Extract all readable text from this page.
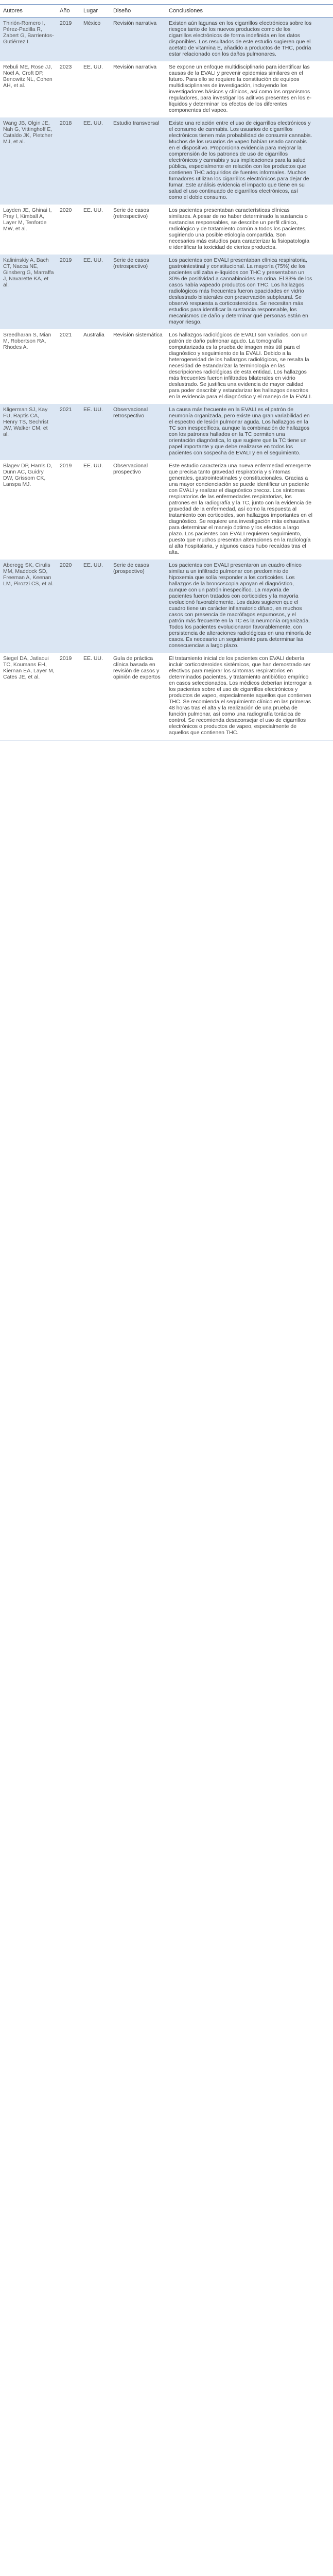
Autores	Año	Lugar	Diseño	Conclusiones
Thirión-Romero I, Pérez-Padilla R, Zabert G, Barrientos-Gutiérrez I.	2019	México	Revisión narrativa	Existen aún lagunas en los cigarrillos electrónicos sobre los riesgos tanto de los nuevos productos como de los cigarrillos electrónicos de forma indefinida en los datos disponibles. Los resultados de este estudio sugieren que el acetato de vitamina E, añadido a productos de THC, podría estar relacionado con los daños pulmonares.
Rebuli ME, Rose JJ, Noël A, Croft DP, Benowitz NL, Cohen AH, et al.	2023	EE. UU.	Revisión narrativa	Se expone un enfoque multidisciplinario para identificar las causas de la EVALI y prevenir epidemias similares en el futuro. Para ello se requiere la constitución de equipos multidisciplinares de investigación, incluyendo los investigadores básicos y clínicos, así como los organismos reguladores, para investigar los aditivos presentes en los e-líquidos y determinar los efectos de los diferentes componentes del vapeo.
Wang JB, Olgin JE, Nah G, Vittinghoff E, Cataldo JK, Pletcher MJ, et al.	2018	EE. UU.	Estudio transversal	Existe una relación entre el uso de cigarrillos electrónicos y el consumo de cannabis. Los usuarios de cigarrillos electrónicos tienen más probabilidad de consumir cannabis. Muchos de los usuarios de vapeo habían usado cannabis en el dispositivo. Proporciona evidencia para mejorar la comprensión de los patrones de uso de cigarrillos electrónicos y cannabis y sus implicaciones para la salud pública, especialmente en relación con los productos que contienen THC adquiridos de fuentes informales. Muchos fumadores utilizan los cigarrillos electrónicos para dejar de fumar. Este análisis evidencia el impacto que tiene en su salud el uso continuado de cigarrillos electrónicos, así como el doble consumo.
Layden JE, Ghinai I, Pray I, Kimball A, Layer M, Tenforde MW, et al.	2020	EE. UU.	Serie de casos (retrospectivo)	Los pacientes presentaban características clínicas similares. A pesar de no haber determinado la sustancia o sustancias responsables, se describe un perfil clínico, radiológico y de tratamiento común a todos los pacientes, sugiriendo una posible etiología compartida. Son necesarios más estudios para caracterizar la fisiopatología e identificar la toxicidad de ciertos productos.
Kalininskiy A, Bach CT, Nacca NE, Ginsberg G, Marraffa J, Navarette KA, et al.	2019	EE. UU.	Serie de casos (retrospectivo)	Los pacientes con EVALI presentaban clínica respiratoria, gastrointestinal y constitucional. La mayoría (75%) de los pacientes utilizaba e-líquidos con THC y presentaban un 30% de positividad a cannabinoides en orina. El 83% de los casos había vapeado productos con THC. Los hallazgos radiológicos más frecuentes fueron opacidades en vidrio deslustrado bilaterales con preservación subpleural. Se observó respuesta a corticosteroides. Se necesitan más estudios para identificar la sustancia responsable, los mecanismos de daño y determinar qué personas están en mayor riesgo.
Sreedharan S, Mian M, Robertson RA, Rhodes A.	2021	Australia	Revisión sistemática	Los hallazgos radiológicos de EVALI son variados, con un patrón de daño pulmonar agudo. La tomografía computarizada es la prueba de imagen más útil para el diagnóstico y seguimiento de la EVALI. Debido a la heterogeneidad de los hallazgos radiológicos, se resalta la necesidad de estandarizar la terminología en las descripciones radiológicas de esta entidad. Los hallazgos más frecuentes fueron infiltrados bilaterales en vidrio deslustrado. Se justifica una evidencia de mayor calidad para poder describir y estandarizar los hallazgos descritos en la evidencia para el diagnóstico y el manejo de la EVALI.
Kligerman SJ, Kay FU, Raptis CA, Henry TS, Sechrist JW, Walker CM, et al.	2021	EE. UU.	Observacional retrospectivo	La causa más frecuente en la EVALI es el patrón de neumonía organizada, pero existe una gran variabilidad en el espectro de lesión pulmonar aguda. Los hallazgos en la TC son inespecíficos, aunque la combinación de hallazgos con los patrones hallados en la TC permiten una orientación diagnóstica, lo que sugiere que la TC tiene un papel importante y que debe realizarse en todos los pacientes con sospecha de EVALI y en el seguimiento.
Blagev DP, Harris D, Dunn AC, Guidry DW, Grissom CK, Lanspa MJ.	2019	EE. UU.	Observacional prospectivo	Este estudio caracteriza una nueva enfermedad emergente que precisa tanto gravedad respiratoria y síntomas generales, gastrointestinales y constitucionales. Gracias a una mayor concienciación se puede identificar un paciente con EVALI y realizar el diagnóstico precoz. Los síntomas respiratorios de las enfermedades respiratorias, los patrones en la radiografía y la TC, junto con la evidencia de gravedad de la enfermedad, así como la respuesta al tratamiento con corticoides, son hallazgos importantes en el diagnóstico. Se requiere una investigación más exhaustiva para determinar el manejo óptimo y los efectos a largo plazo. Los pacientes con EVALI requieren seguimiento, puesto que muchos presentan alteraciones en la radiología al alta hospitalaria, y algunos casos hubo recaídas tras el alta.
Aberegg SK, Cirulis MM, Maddock SD, Freeman A, Keenan LM, Pirozzi CS, et al.	2020	EE. UU.	Serie de casos (prospectivo)	Los pacientes con EVALI presentaron un cuadro clínico similar a un infiltrado pulmonar con predominio de hipoxemia que solía responder a los corticoides. Los hallazgos de la broncoscopia apoyan el diagnóstico, aunque con un patrón inespecífico. La mayoría de pacientes fueron tratados con corticoides y la mayoría evolucionó favorablemente. Los datos sugieren que el cuadro tiene un carácter inflamatorio difuso, en muchos casos con presencia de macrófagos espumosos, y el patrón más frecuente en la TC es la neumonía organizada. Todos los pacientes evolucionaron favorablemente, con persistencia de alteraciones radiológicas en una minoría de casos. Es necesario un seguimiento para determinar las consecuencias a largo plazo.
Siegel DA, Jatlaoui TC, Koumans EH, Kiernan EA, Layer M, Cates JE, et al.	2019	EE. UU.	Guía de práctica clínica basada en revisión de casos y opinión de expertos	El tratamiento inicial de los pacientes con EVALI debería incluir corticosteroides sistémicos, que han demostrado ser efectivos para mejorar los síntomas respiratorios en determinados pacientes, y tratamiento antibiótico empírico en casos seleccionados. Los médicos deberían interrogar a los pacientes sobre el uso de cigarrillos electrónicos y productos de vapeo, especialmente aquellos que contienen THC. Se recomienda el seguimiento clínico en las primeras 48 horas tras el alta y la realización de una prueba de función pulmonar, así como una radiografía torácica de control. Se recomienda desaconsejar el uso de cigarrillos electrónicos o productos de vapeo, especialmente de aquellos que contienen THC.
